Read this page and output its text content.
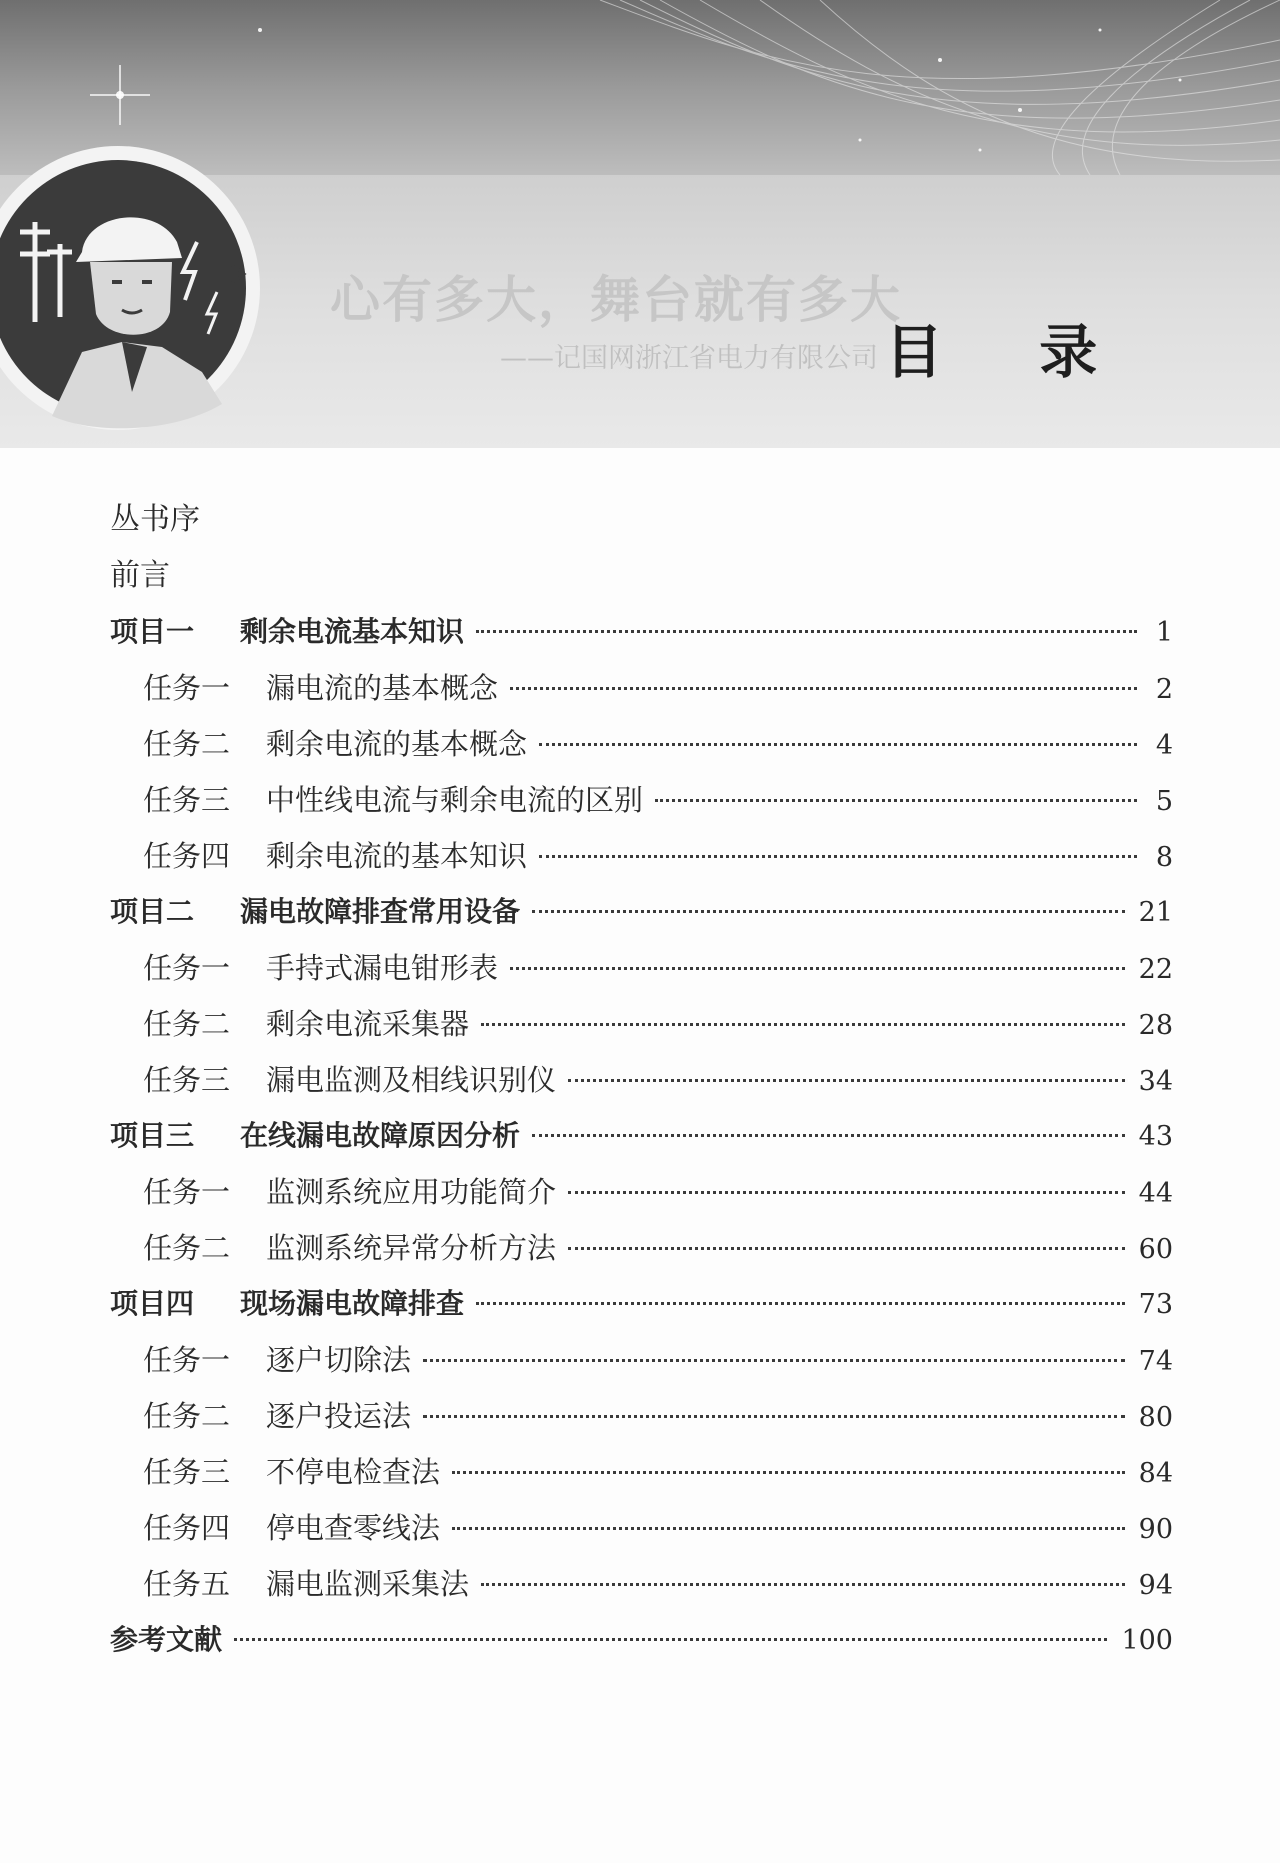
心有多大，舞台就有多大
——记国网浙江省电力有限公司 目 录
丛书序
前言
项目一 剩余电流基本知识	1
任务一 漏电流的基本概念	2
任务二 剩余电流的基本概念	4
任务三 中性线电流与剩余电流的区别	5
任务四 剩余电流的基本知识	8
项目二 漏电故障排查常用设备	21
任务一 手持式漏电钳形表	22
任务二 剩余电流采集器	28
任务三 漏电监测及相线识别仪	34
项目三 在线漏电故障原因分析	43
任务一 监测系统应用功能简介	44
任务二 监测系统异常分析方法	60
项目四 现场漏电故障排查	73
任务一 逐户切除法	74
任务二 逐户投运法	80
任务三 不停电检查法	84
任务四 停电查零线法	90
任务五 漏电监测采集法	94
参考文献	100
